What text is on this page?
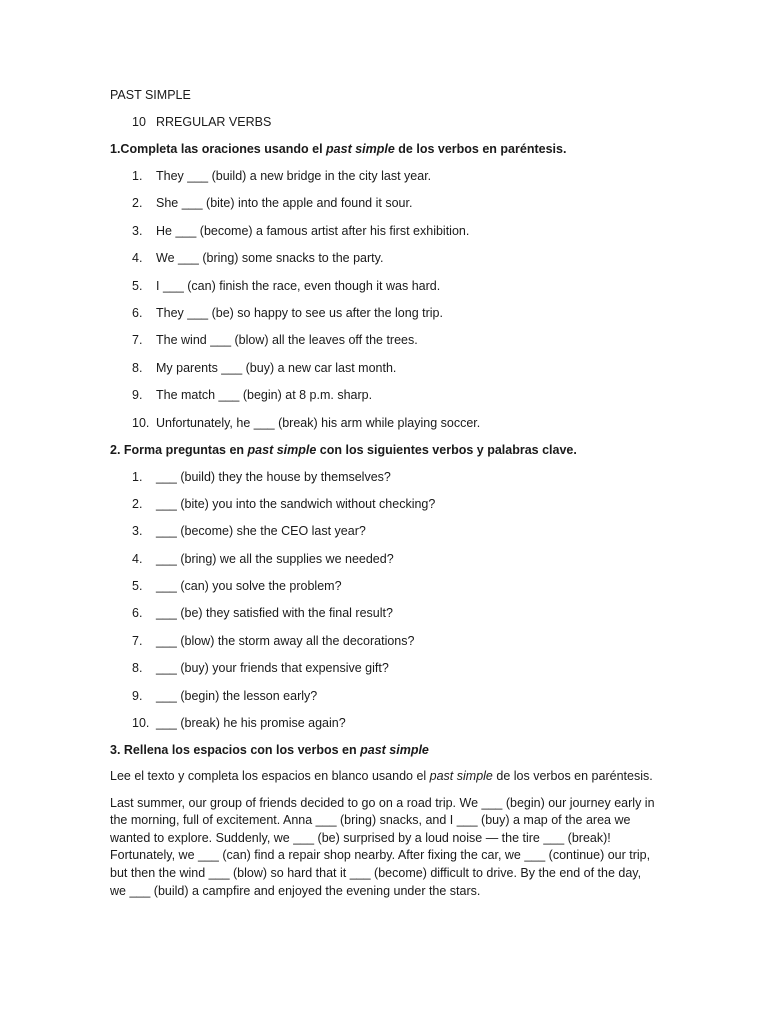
PAST SIMPLE
10 RREGULAR VERBS
1.Completa las oraciones usando el past simple de los verbos en paréntesis.
1. They ___ (build) a new bridge in the city last year.
2. She ___ (bite) into the apple and found it sour.
3. He ___ (become) a famous artist after his first exhibition.
4. We ___ (bring) some snacks to the party.
5. I ___ (can) finish the race, even though it was hard.
6. They ___ (be) so happy to see us after the long trip.
7. The wind ___ (blow) all the leaves off the trees.
8. My parents ___ (buy) a new car last month.
9. The match ___ (begin) at 8 p.m. sharp.
10. Unfortunately, he ___ (break) his arm while playing soccer.
2. Forma preguntas en past simple con los siguientes verbos y palabras clave.
1. ___ (build) they the house by themselves?
2. ___ (bite) you into the sandwich without checking?
3. ___ (become) she the CEO last year?
4. ___ (bring) we all the supplies we needed?
5. ___ (can) you solve the problem?
6. ___ (be) they satisfied with the final result?
7. ___ (blow) the storm away all the decorations?
8. ___ (buy) your friends that expensive gift?
9. ___ (begin) the lesson early?
10. ___ (break) he his promise again?
3. Rellena los espacios con los verbos en past simple

Lee el texto y completa los espacios en blanco usando el past simple de los verbos en paréntesis.

Last summer, our group of friends decided to go on a road trip. We ___ (begin) our journey early in the morning, full of excitement. Anna ___ (bring) snacks, and I ___ (buy) a map of the area we wanted to explore. Suddenly, we ___ (be) surprised by a loud noise — the tire ___ (break)! Fortunately, we ___ (can) find a repair shop nearby. After fixing the car, we ___ (continue) our trip, but then the wind ___ (blow) so hard that it ___ (become) difficult to drive. By the end of the day, we ___ (build) a campfire and enjoyed the evening under the stars.
